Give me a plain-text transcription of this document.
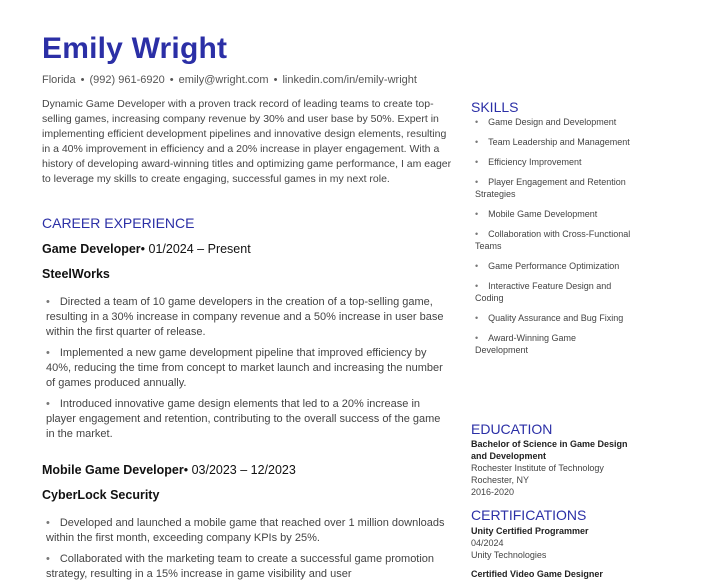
Emily Wright
Florida • (992) 961-6920 • emily@wright.com • linkedin.com/in/emily-wright
Dynamic Game Developer with a proven track record of leading teams to create top-selling games, increasing company revenue by 30% and user base by 50%. Expert in implementing efficient development pipelines and innovative design elements, resulting in a 40% improvement in efficiency and a 20% increase in player engagement. With a history of developing award-winning titles and optimizing game performance, I am eager to leverage my skills to create engaging, successful games in my next role.
CAREER EXPERIENCE
Game Developer• 01/2024 – Present
SteelWorks
• Directed a team of 10 game developers in the creation of a top-selling game, resulting in a 30% increase in company revenue and a 50% increase in user base within the first quarter of release.
• Implemented a new game development pipeline that improved efficiency by 40%, reducing the time from concept to market launch and increasing the number of games produced annually.
• Introduced innovative game design elements that led to a 20% increase in player engagement and retention, contributing to the overall success of the game in the market.
Mobile Game Developer• 03/2023 – 12/2023
CyberLock Security
• Developed and launched a mobile game that reached over 1 million downloads within the first month, exceeding company KPIs by 25%.
• Collaborated with the marketing team to create a successful game promotion strategy, resulting in a 15% increase in game visibility and user
SKILLS
• Game Design and Development
• Team Leadership and Management
• Efficiency Improvement
• Player Engagement and Retention Strategies
• Mobile Game Development
• Collaboration with Cross-Functional Teams
• Game Performance Optimization
• Interactive Feature Design and Coding
• Quality Assurance and Bug Fixing
• Award-Winning Game Development
EDUCATION
Bachelor of Science in Game Design and Development
Rochester Institute of Technology
Rochester, NY
2016-2020
CERTIFICATIONS
Unity Certified Programmer
04/2024
Unity Technologies
Certified Video Game Designer
